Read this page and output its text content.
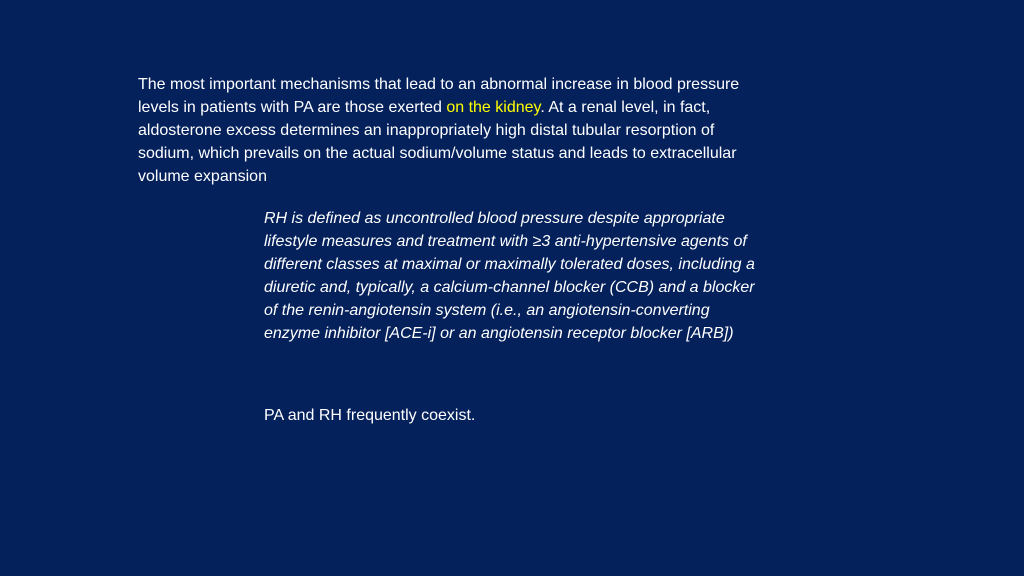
The most important mechanisms that lead to an abnormal increase in blood pressure levels in patients with PA are those exerted on the kidney. At a renal level, in fact, aldosterone excess determines an inappropriately high distal tubular resorption of sodium, which prevails on the actual sodium/volume status and leads to extracellular volume expansion

RH is defined as uncontrolled blood pressure despite appropriate lifestyle measures and treatment with ≥3 anti-hypertensive agents of different classes at maximal or maximally tolerated doses, including a diuretic and, typically, a calcium-channel blocker (CCB) and a blocker of the renin-angiotensin system (i.e., an angiotensin-converting enzyme inhibitor [ACE-i] or an angiotensin receptor blocker [ARB])

PA and RH frequently coexist.
